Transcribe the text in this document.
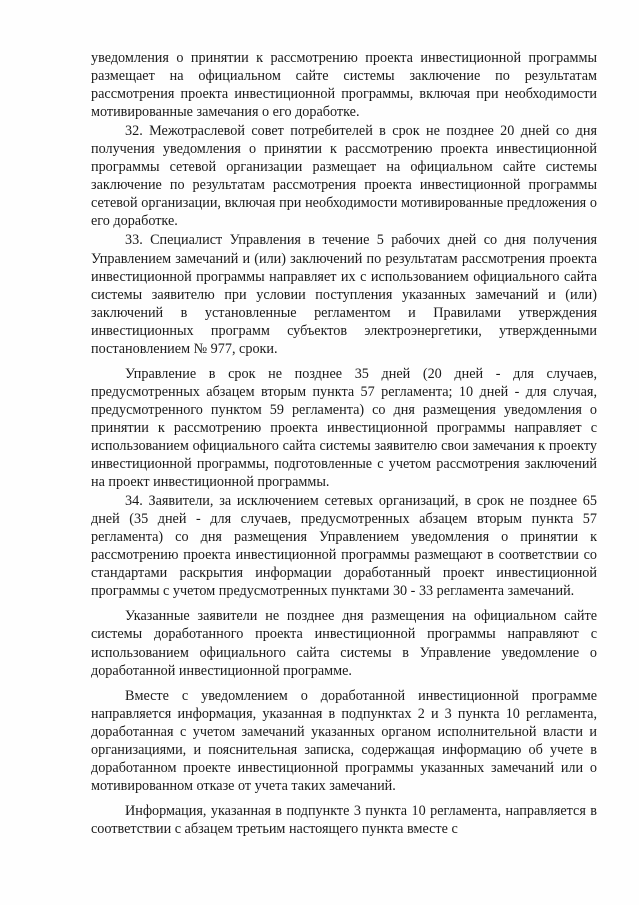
уведомления о принятии к рассмотрению проекта инвестиционной программы размещает на официальном сайте системы заключение по результатам рассмотрения проекта инвестиционной программы, включая при необходимости мотивированные замечания о его доработке.

32. Межотраслевой совет потребителей в срок не позднее 20 дней со дня получения уведомления о принятии к рассмотрению проекта инвестиционной программы сетевой организации размещает на официальном сайте системы заключение по результатам рассмотрения проекта инвестиционной программы сетевой организации, включая при необходимости мотивированные предложения о его доработке.

33. Специалист Управления в течение 5 рабочих дней со дня получения Управлением замечаний и (или) заключений по результатам рассмотрения проекта инвестиционной программы направляет их с использованием официального сайта системы заявителю при условии поступления указанных замечаний и (или) заключений в установленные регламентом и Правилами утверждения инвестиционных программ субъектов электроэнергетики, утвержденными постановлением № 977, сроки.

Управление в срок не позднее 35 дней (20 дней - для случаев, предусмотренных абзацем вторым пункта 57 регламента; 10 дней - для случая, предусмотренного пунктом 59 регламента) со дня размещения уведомления о принятии к рассмотрению проекта инвестиционной программы направляет с использованием официального сайта системы заявителю свои замечания к проекту инвестиционной программы, подготовленные с учетом рассмотрения заключений на проект инвестиционной программы.

34. Заявители, за исключением сетевых организаций, в срок не позднее 65 дней (35 дней - для случаев, предусмотренных абзацем вторым пункта 57 регламента) со дня размещения Управлением уведомления о принятии к рассмотрению проекта инвестиционной программы размещают в соответствии со стандартами раскрытия информации доработанный проект инвестиционной программы с учетом предусмотренных пунктами 30 - 33 регламента замечаний.

Указанные заявители не позднее дня размещения на официальном сайте системы доработанного проекта инвестиционной программы направляют с использованием официального сайта системы в Управление уведомление о доработанной инвестиционной программе.

Вместе с уведомлением о доработанной инвестиционной программе направляется информация, указанная в подпунктах 2 и 3 пункта 10 регламента, доработанная с учетом замечаний указанных органом исполнительной власти и организациями, и пояснительная записка, содержащая информацию об учете в доработанном проекте инвестиционной программы указанных замечаний или о мотивированном отказе от учета таких замечаний.

Информация, указанная в подпункте 3 пункта 10 регламента, направляется в соответствии с абзацем третьим настоящего пункта вместе с
